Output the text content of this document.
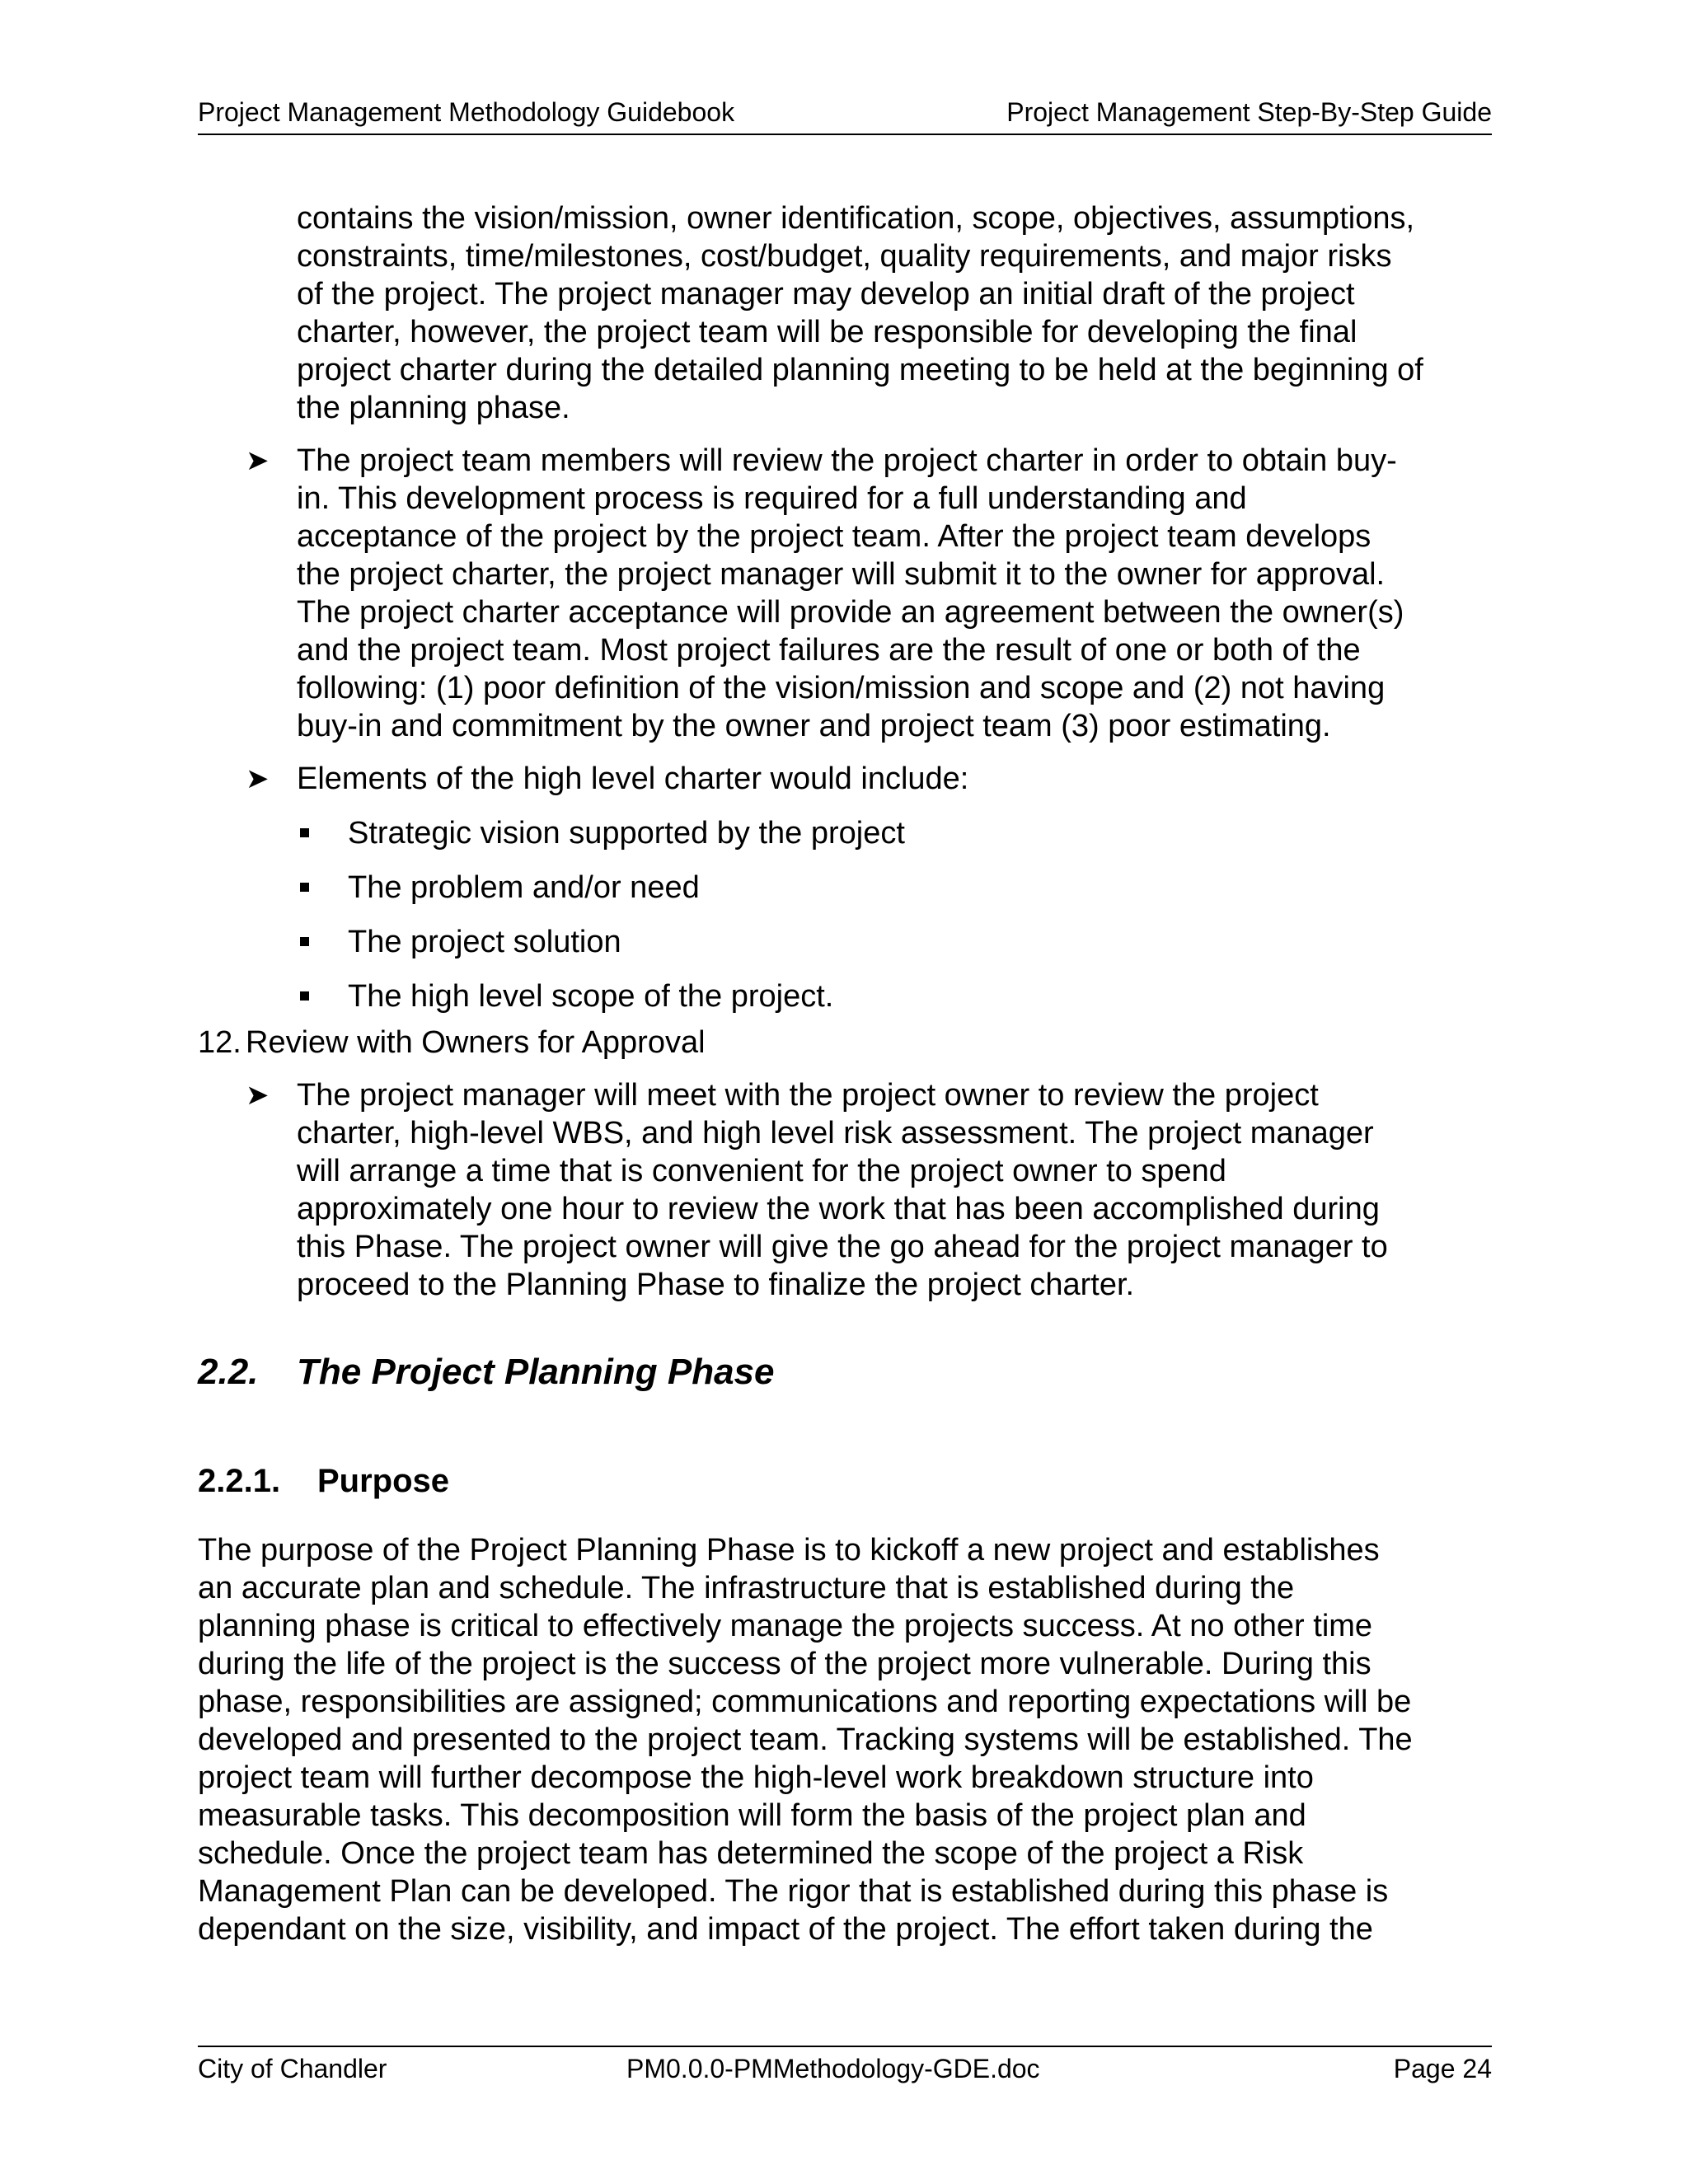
Project Management Methodology Guidebook	Project Management Step-By-Step Guide
contains the vision/mission, owner identification, scope, objectives, assumptions,
constraints, time/milestones, cost/budget, quality requirements, and major risks
of the project. The project manager may develop an initial draft of the project
charter, however, the project team will be responsible for developing the final
project charter during the detailed planning meeting to be held at the beginning of
the planning phase.
➤ The project team members will review the project charter in order to obtain buy-
in. This development process is required for a full understanding and
acceptance of the project by the project team. After the project team develops
the project charter, the project manager will submit it to the owner for approval.
The project charter acceptance will provide an agreement between the owner(s)
and the project team. Most project failures are the result of one or both of the
following: (1) poor definition of the vision/mission and scope and (2) not having
buy-in and commitment by the owner and project team (3) poor estimating.
➤ Elements of the high level charter would include:
Strategic vision supported by the project
The problem and/or need
The project solution
The high level scope of the project.
12. Review with Owners for Approval
➤ The project manager will meet with the project owner to review the project
charter, high-level WBS, and high level risk assessment. The project manager
will arrange a time that is convenient for the project owner to spend
approximately one hour to review the work that has been accomplished during
this Phase. The project owner will give the go ahead for the project manager to
proceed to the Planning Phase to finalize the project charter.
2.2. The Project Planning Phase
2.2.1. Purpose
The purpose of the Project Planning Phase is to kickoff a new project and establishes
an accurate plan and schedule. The infrastructure that is established during the
planning phase is critical to effectively manage the projects success. At no other time
during the life of the project is the success of the project more vulnerable. During this
phase, responsibilities are assigned; communications and reporting expectations will be
developed and presented to the project team. Tracking systems will be established. The
project team will further decompose the high-level work breakdown structure into
measurable tasks. This decomposition will form the basis of the project plan and
schedule. Once the project team has determined the scope of the project a Risk
Management Plan can be developed. The rigor that is established during this phase is
dependant on the size, visibility, and impact of the project. The effort taken during the
City of Chandler	PM0.0.0-PMMethodology-GDE.doc	Page 24
